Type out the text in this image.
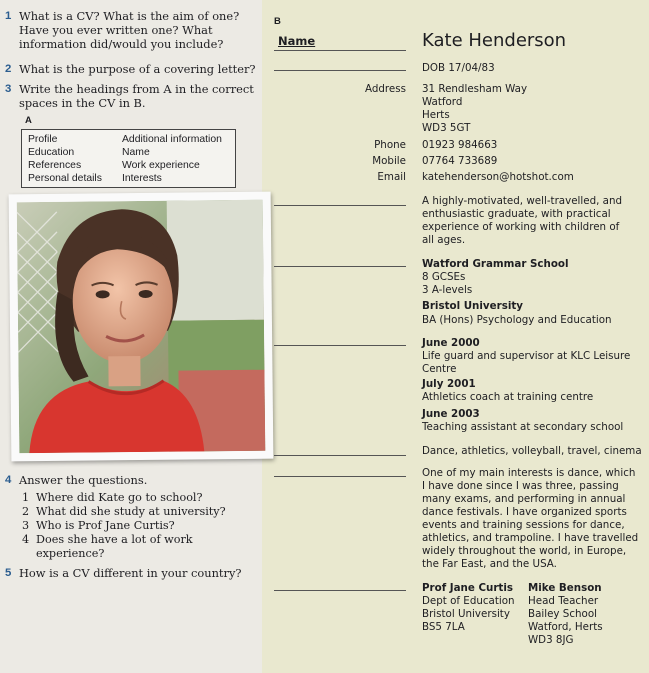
1 What is a CV? What is the aim of one?
Have you ever written one? What
information did/would you include?
2 What is the purpose of a covering letter?
3 Write the headings from A in the correct
spaces in the CV in B.
A
Profile
Education
References
Personal details
Additional information
Name
Work experience
Interests
4 Answer the questions.
1 Where did Kate go to school?
2 What did she study at university?
3 Who is Prof Jane Curtis?
4 Does she have a lot of work
experience?
5 How is a CV different in your country?
B
Name	Kate Henderson
DOB 17/04/83
Address 31 Rendlesham Way
Watford
Herts
WD3 5GT
Phone 01923 984663
Mobile 07764 733689
Email katehenderson@hotshot.com
A highly-motivated, well-travelled, and
enthusiastic graduate, with practical
experience of working with children of
all ages.
Watford Grammar School
8 GCSEs
3 A-levels
Bristol University
BA (Hons) Psychology and Education
June 2000
Life guard and supervisor at KLC Leisure
Centre
July 2001
Athletics coach at training centre
June 2003
Teaching assistant at secondary school
Dance, athletics, volleyball, travel, cinema
One of my main interests is dance, which
I have done since I was three, passing
many exams, and performing in annual
dance festivals. I have organized sports
events and training sessions for dance,
athletics, and trampoline. I have travelled
widely throughout the world, in Europe,
the Far East, and the USA.
Prof Jane Curtis
Dept of Education
Bristol University
BS5 7LA
Mike Benson
Head Teacher
Bailey School
Watford, Herts
WD3 8JG
